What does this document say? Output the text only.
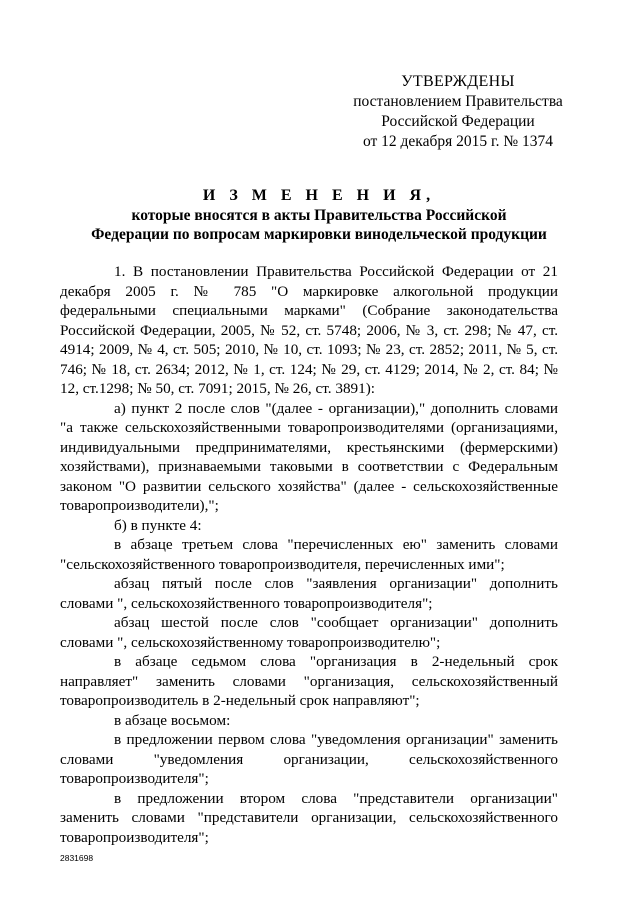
УТВЕРЖДЕНЫ
постановлением Правительства
Российской Федерации
от 12 декабря 2015 г. № 1374
И З М Е Н Е Н И Я,
которые вносятся в акты Правительства Российской
Федерации по вопросам маркировки винодельческой продукции

1. В постановлении Правительства Российской Федерации от 21 декабря 2005 г. № 785 "О маркировке алкогольной продукции федеральными специальными марками" (Собрание законодательства Российской Федерации, 2005, № 52, ст. 5748; 2006, № 3, ст. 298; № 47, ст. 4914; 2009, № 4, ст. 505; 2010, № 10, ст. 1093; № 23, ст. 2852; 2011, № 5, ст. 746; № 18, ст. 2634; 2012, № 1, ст. 124; № 29, ст. 4129; 2014, № 2, ст. 84; № 12, ст.1298; № 50, ст. 7091; 2015, № 26, ст. 3891):

а) пункт 2 после слов "(далее - организации)," дополнить словами "а также сельскохозяйственными товаропроизводителями (организациями, индивидуальными предпринимателями, крестьянскими (фермерскими) хозяйствами), признаваемыми таковыми в соответствии с Федеральным законом "О развитии сельского хозяйства" (далее - сельскохозяйственные товаропроизводители),";

б) в пункте 4:

в абзаце третьем слова "перечисленных ею" заменить словами "сельскохозяйственного товаропроизводителя, перечисленных ими";

абзац пятый после слов "заявления организации" дополнить словами ", сельскохозяйственного товаропроизводителя";

абзац шестой после слов "сообщает организации" дополнить словами ", сельскохозяйственному товаропроизводителю";

в абзаце седьмом слова "организация в 2-недельный срок направляет" заменить словами "организация, сельскохозяйственный товаропроизводитель в 2-недельный срок направляют";

в абзаце восьмом:

в предложении первом слова "уведомления организации" заменить словами "уведомления организации, сельскохозяйственного товаропроизводителя";

в предложении втором слова "представители организации" заменить словами "представители организации, сельскохозяйственного товаропроизводителя";

2831698
